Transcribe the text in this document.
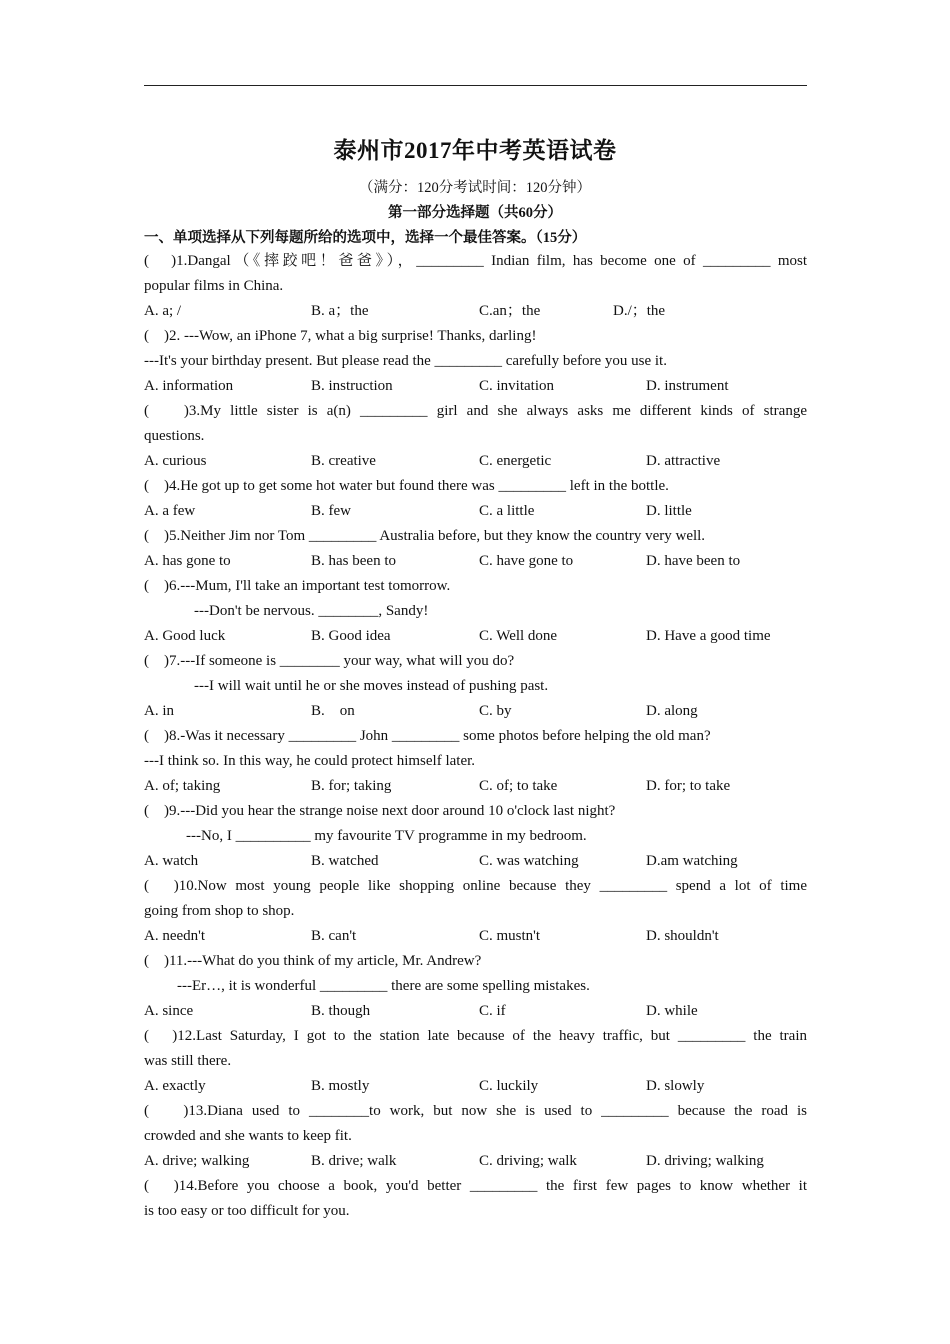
泰州市2017年中考英语试卷
（满分：120分考试时间：120分钟）
第一部分选择题（共60分）
一、单项选择从下列每题所给的选项中，选择一个最佳答案。（15分）
(　)1.Dangal（《摔跤吧！爸爸》），_________ Indian film, has become one of _________ most
popular films in China.
A. a; /	B. a；the	C.an；the	D./；the
(　)2. ---Wow, an iPhone 7, what a big surprise! Thanks, darling!
---It's your birthday present. But please read the _________ carefully before you use it.
A. information	B. instruction	C. invitation	D. instrument
(　 )3.My little sister is a(n) _________ girl and she always asks me different kinds of strange
questions.
A. curious	B. creative	C. energetic	D. attractive
(　)4.He got up to get some hot water but found there was _________ left in the bottle.
A. a few	B. few	C. a little	D. little
(　)5.Neither Jim nor Tom _________ Australia before, but they know the country very well.
A. has gone to	B. has been to	C. have gone to	D. have been to
(　)6.---Mum, I'll take an important test tomorrow.
---Don't be nervous. ________, Sandy!
A. Good luck	B. Good idea	C. Well done	D. Have a good time
(　)7.---If someone is ________ your way, what will you do?
---I will wait until he or she moves instead of pushing past.
A. in	B.　on	C. by	D. along
(　)8.-Was it necessary _________ John _________ some photos before helping the old man?
---I think so. In this way, he could protect himself later.
A. of; taking	B. for; taking	C. of; to take	D. for; to take
(　)9.---Did you hear the strange noise next door around 10 o'clock last night?
---No, I __________ my favourite TV programme in my bedroom.
A. watch	B. watched	C. was watching	D.am watching
(　)10.Now most young people like shopping online because they _________ spend a lot of time
going from shop to shop.
A. needn't	B. can't	C. mustn't	D. shouldn't
(　)11.---What do you think of my article, Mr. Andrew?
---Er…, it is wonderful _________ there are some spelling mistakes.
A. since	B. though	C. if	D. while
(　)12.Last Saturday, I got to the station late because of the heavy traffic, but _________ the train
was still there.
A. exactly	B. mostly	C. luckily	D. slowly
(　 )13.Diana used to ________to work, but now she is used to _________ because the road is
crowded and she wants to keep fit.
A. drive; walking	B. drive; walk	C. driving; walk	D. driving; walking
(　)14.Before you choose a book, you'd better _________ the first few pages to know whether it
is too easy or too difficult for you.
